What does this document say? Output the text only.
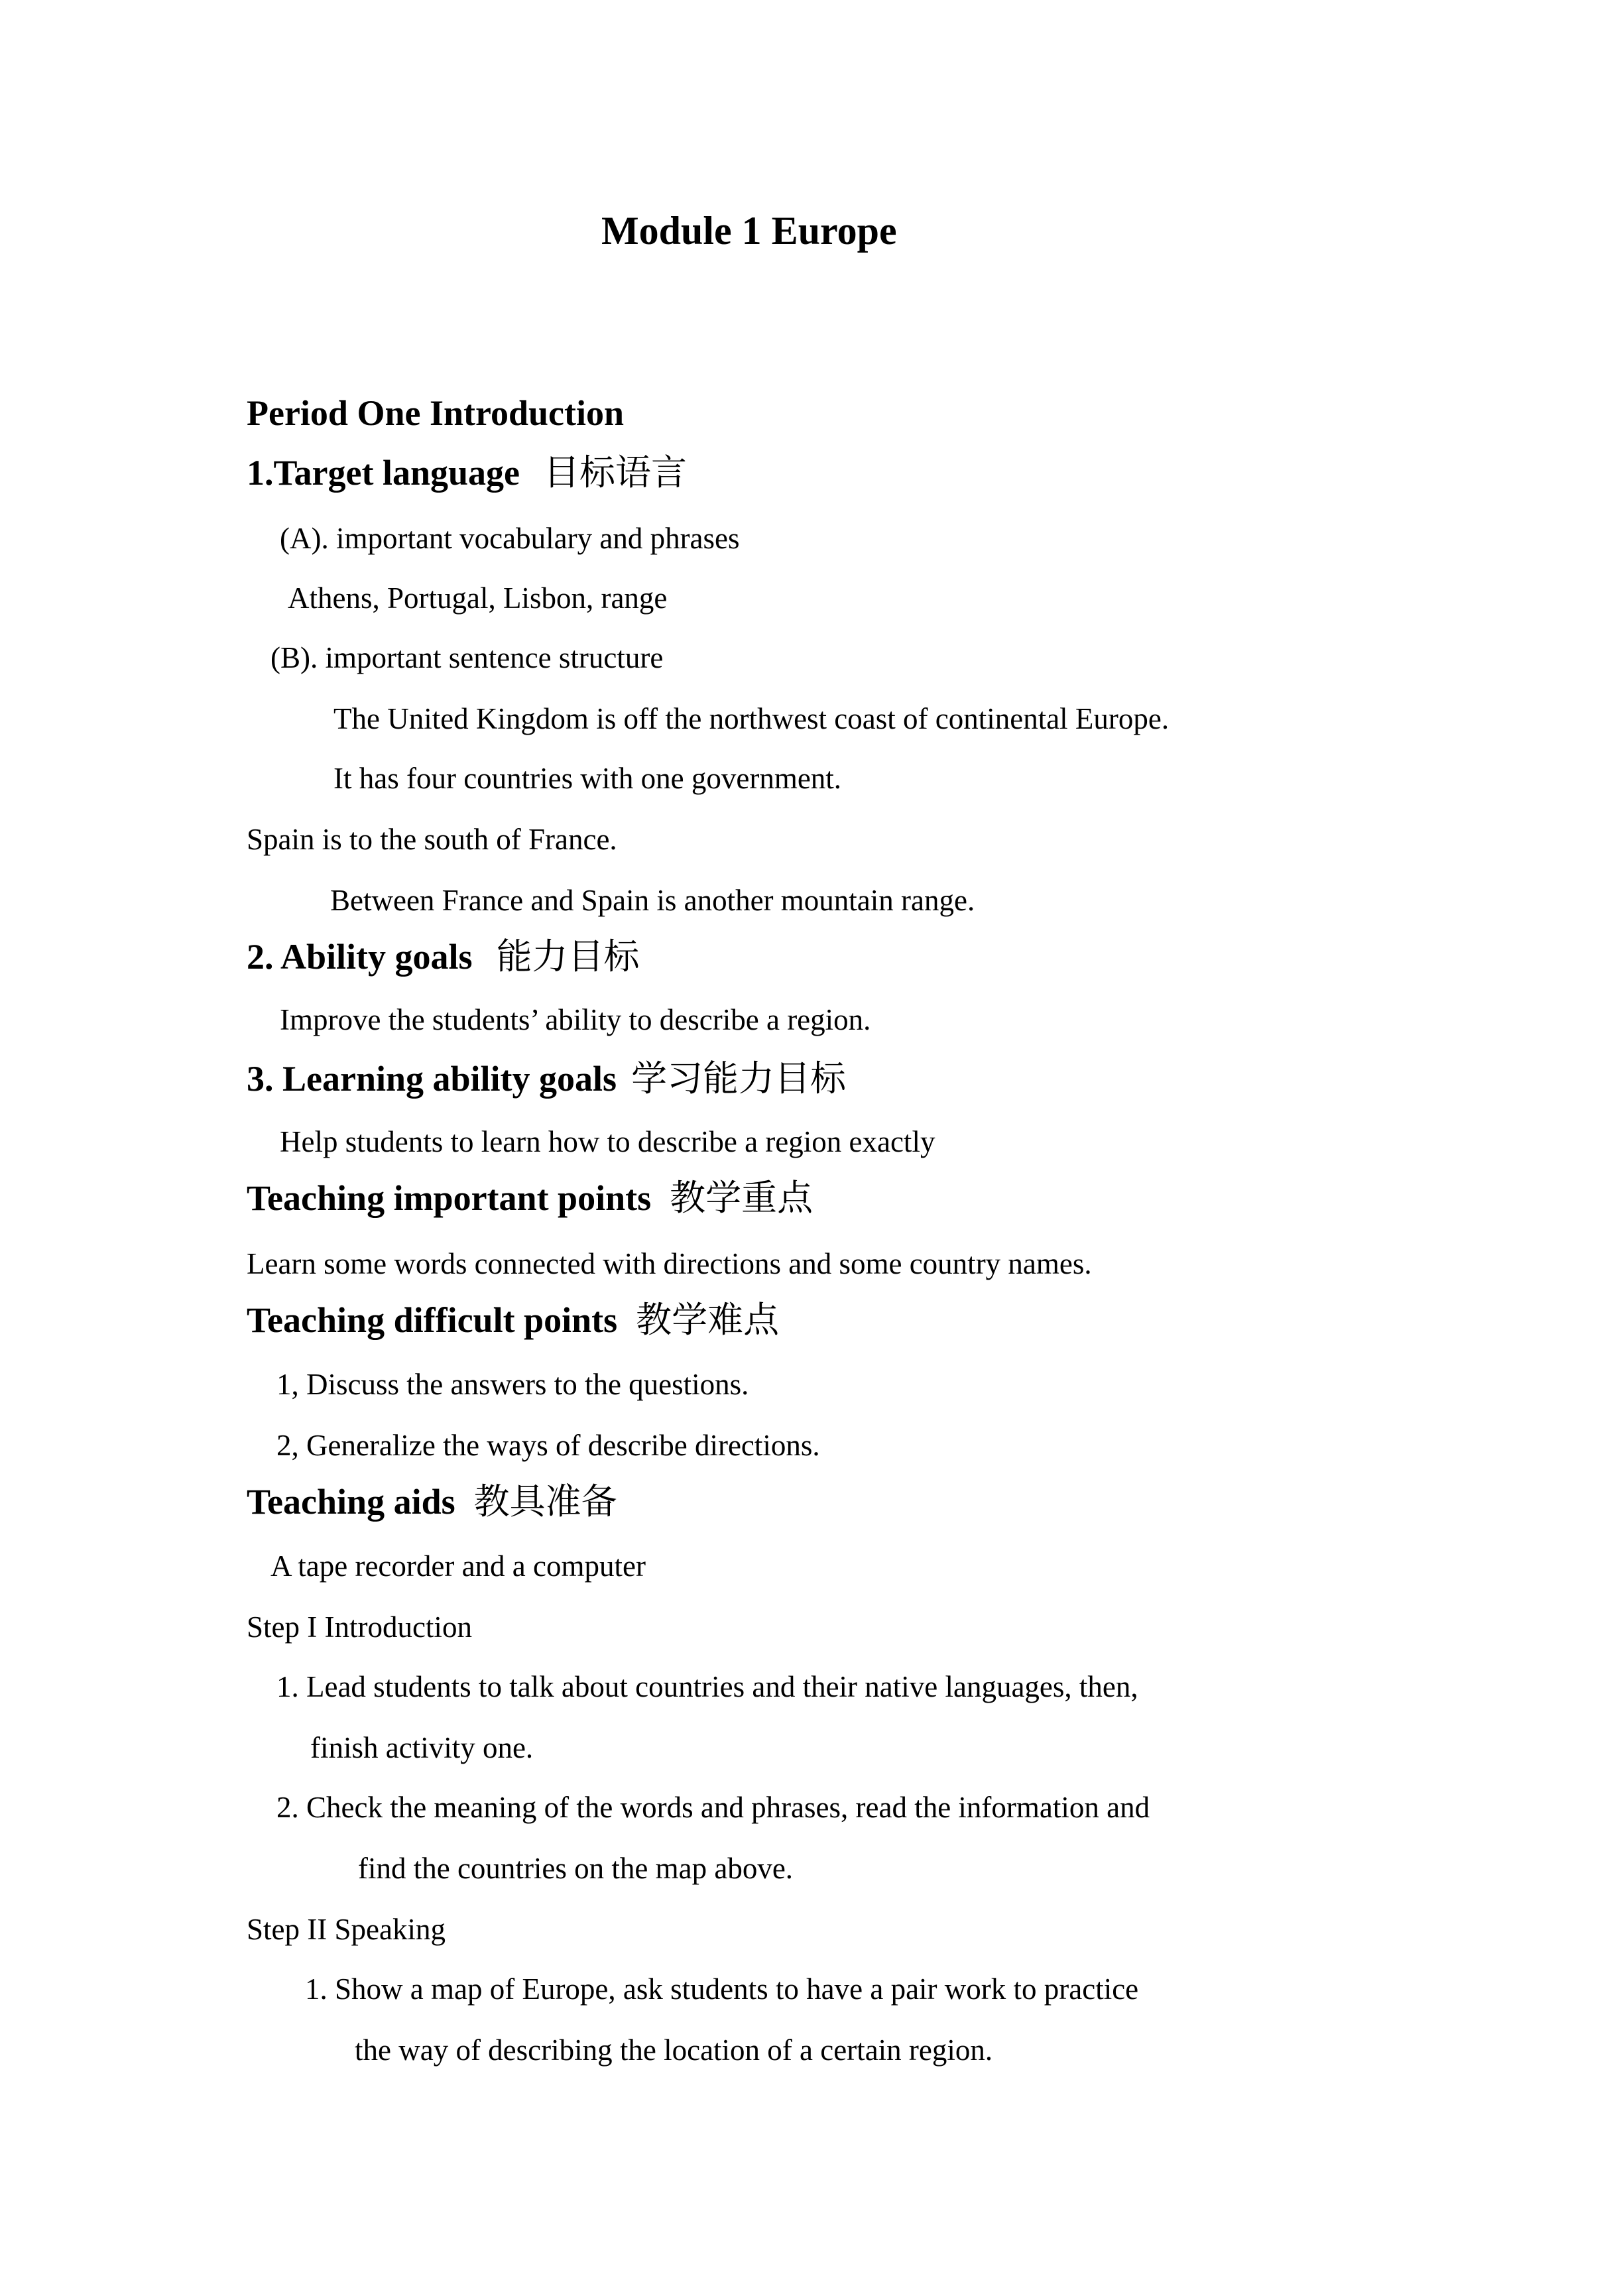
Module 1 Europe
Period One Introduction
1.Target language 目标语言
(A). important vocabulary and phrases
Athens, Portugal, Lisbon, range
(B). important sentence structure
The United Kingdom is off the northwest coast of continental Europe.
It has four countries with one government.
Spain is to the south of France.
Between France and Spain is another mountain range.
2. Ability goals 能力目标
Improve the students’ ability to describe a region.
3. Learning ability goals 学习能力目标
Help students to learn how to describe a region exactly
Teaching important points 教学重点
Learn some words connected with directions and some country names.
Teaching difficult points 教学难点
1, Discuss the answers to the questions.
2, Generalize the ways of describe directions.
Teaching aids 教具准备
A tape recorder and a computer
Step I Introduction
1. Lead students to talk about countries and their native languages, then,
finish activity one.
2. Check the meaning of the words and phrases, read the information and
find the countries on the map above.
Step II Speaking
1. Show a map of Europe, ask students to have a pair work to practice
the way of describing the location of a certain region.
